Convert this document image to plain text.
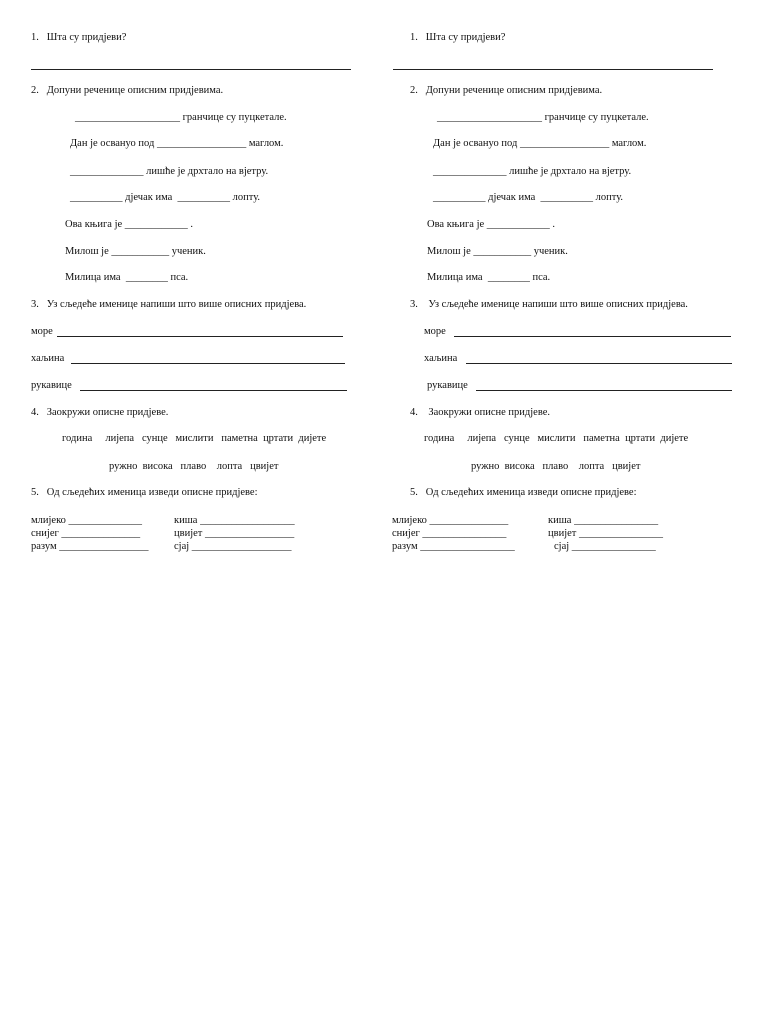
1.   Шта су придјеви?
2.   Допуни реченице описним придјевима.
____________________ гранчице су пуцкетале.
Дан је освануо под _________________ маглом.
______________ лишће је дрхтало на вјетру.
__________ дјечак има  __________ лопту.
Ова књига је ____________ .
Милош је ___________ ученик.
Милица има  ________ пса.
3.   Уз сљедеће именице напиши што више описних придјева.
море
хаљина
рукавице
4.   Заокружи описне придјеве.
година     лијепа   сунце   мислити   паметна  цртати  дијете
ружно  висока   плаво    лопта   цвијет
5.   Од сљедећих именица изведи описне придјеве:
млијеко ______________
снијег _______________
разум _________________
киша __________________
цвијет _________________
сјај ___________________
1.   Шта су придјеви?
2.   Допуни реченице описним придјевима.
____________________ гранчице су пуцкетале.
Дан је освануо под _________________ маглом.
______________ лишће је дрхтало на вјетру.
__________ дјечак има  __________ лопту.
Ова књига је ____________ .
Милош је ___________ ученик.
Милица има  ________ пса.
3.    Уз сљедеће именице напиши што више описних придјева.
море
хаљина
рукавице
4.    Заокружи описне придјеве.
година     лијепа   сунце   мислити   паметна  цртати  дијете
ружно  висока   плаво    лопта   цвијет
5.   Од сљедећих именица изведи описне придјеве:
млијеко _______________
снијег ________________
разум __________________
киша ________________
цвијет ________________
сјај ________________
